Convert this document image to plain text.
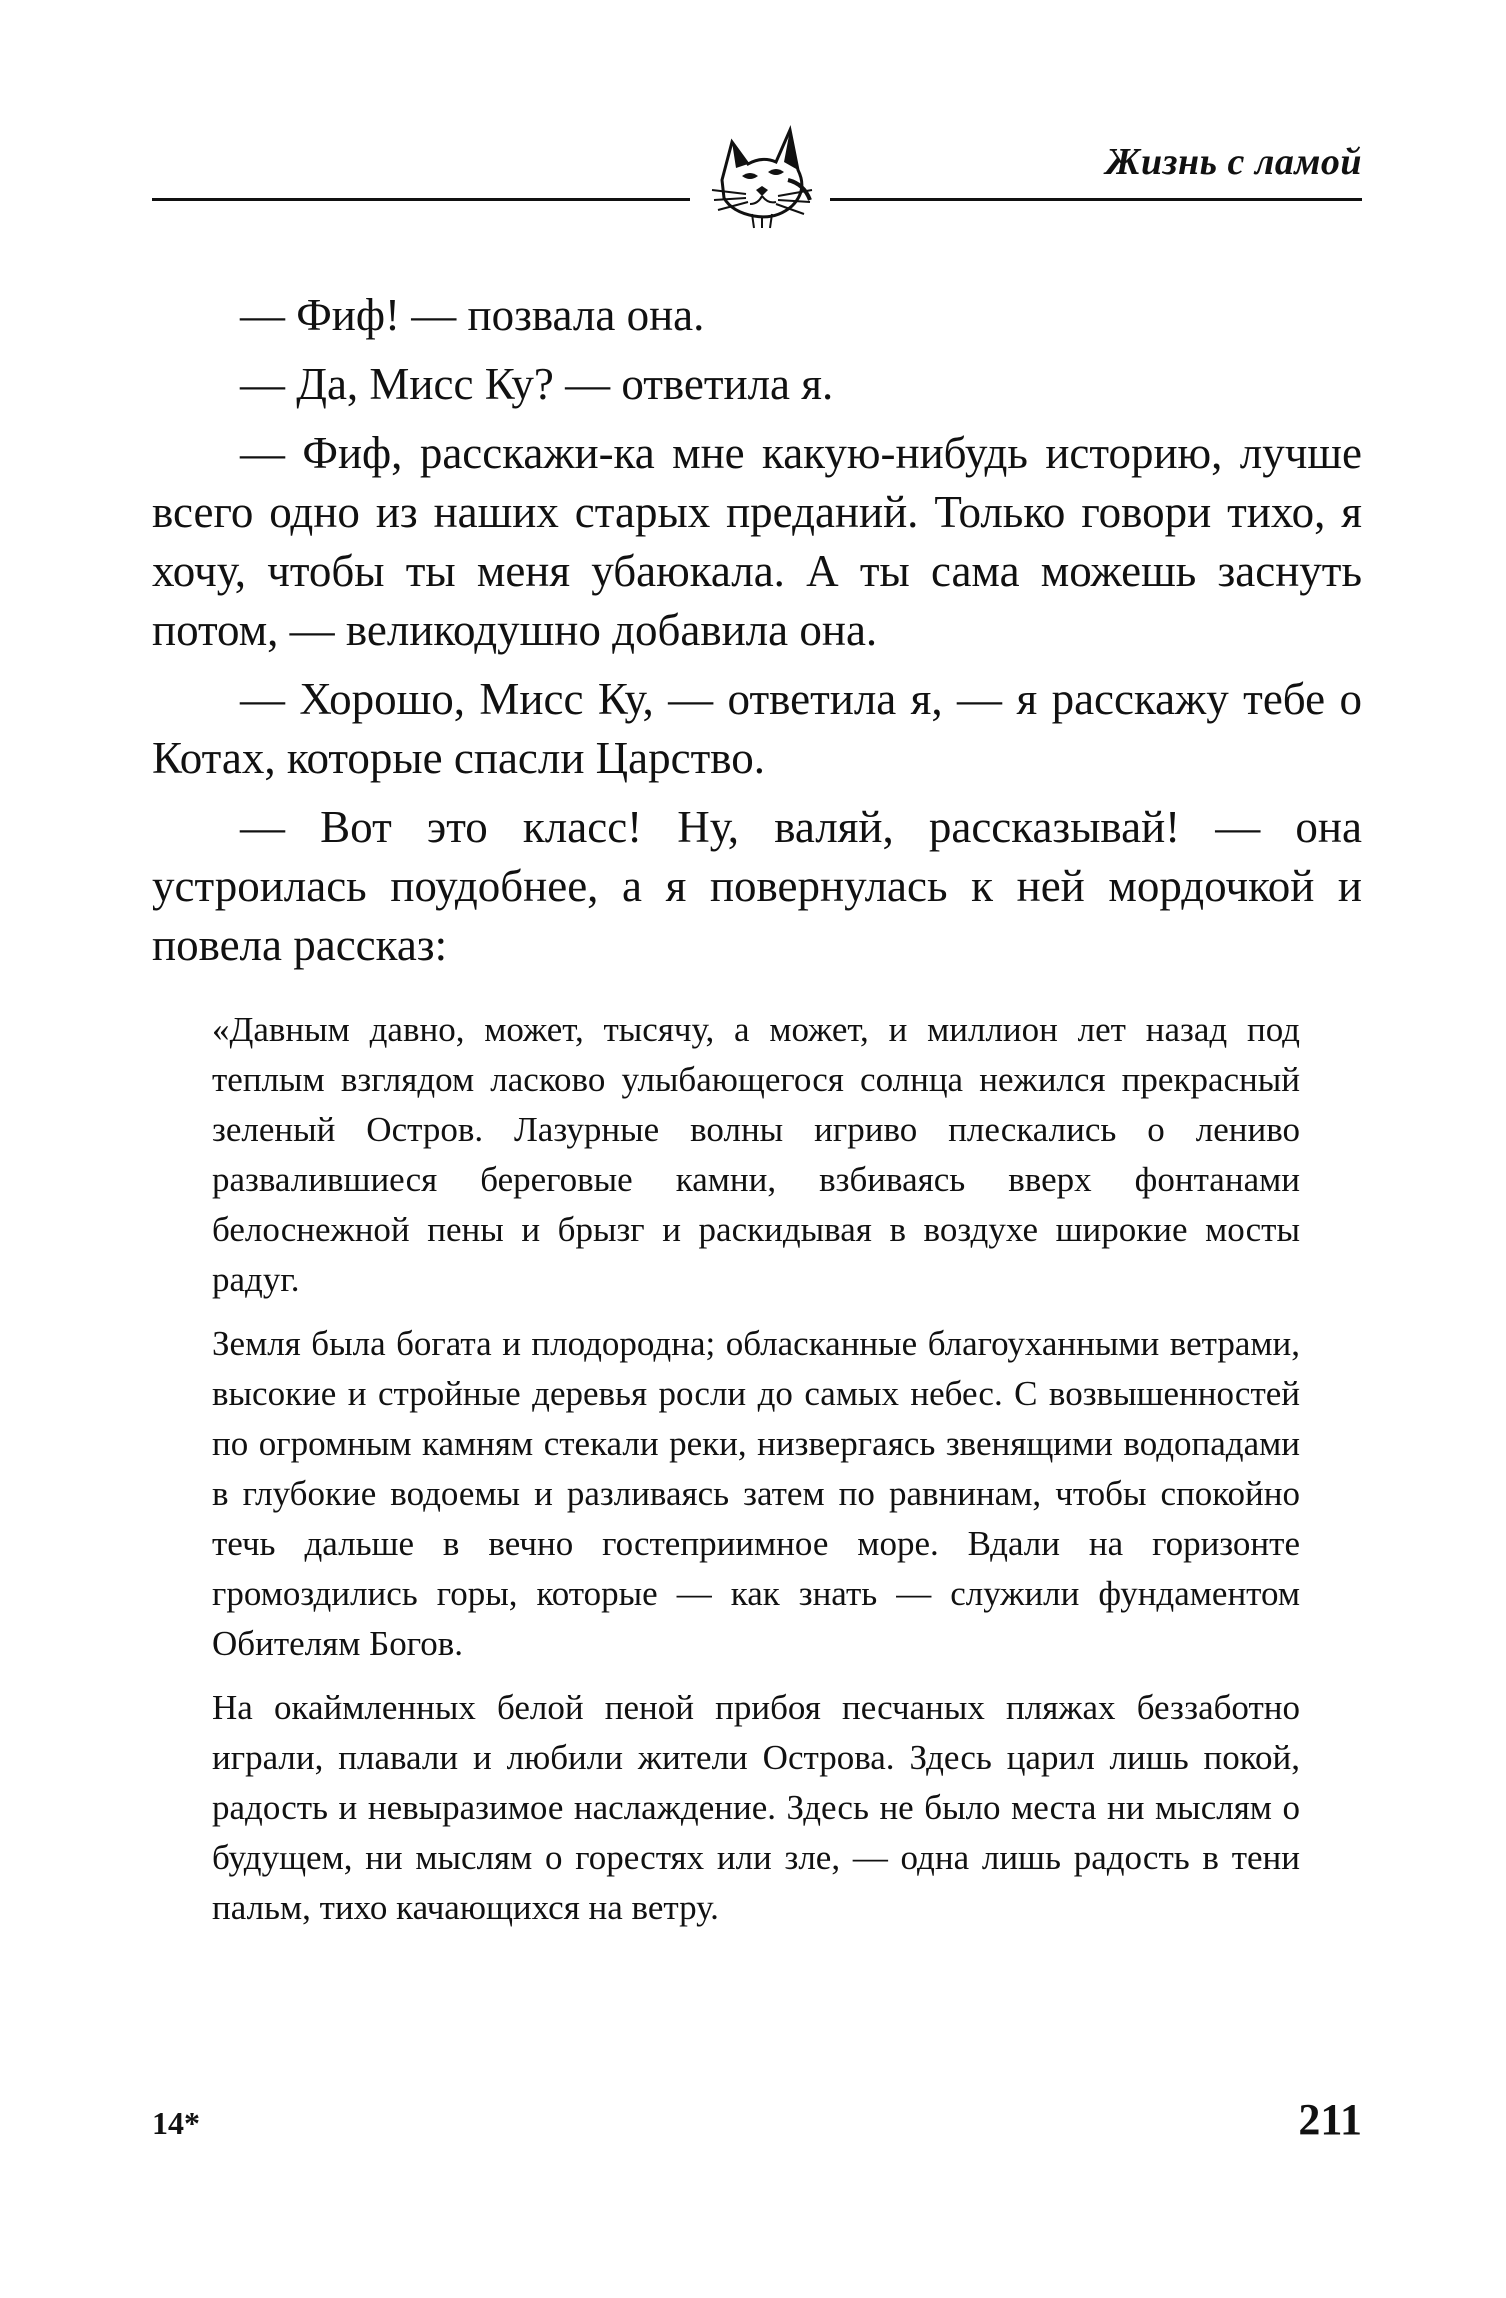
Жизнь с ламой

— Фиф! — позвала она.

— Да, Мисс Ку? — ответила я.

— Фиф, расскажи-ка мне какую-нибудь историю, лучше всего одно из наших старых преданий. Только говори тихо, я хочу, чтобы ты меня убаюкала. А ты сама можешь заснуть потом, — великодушно добавила она.

— Хорошо, Мисс Ку, — ответила я, — я расскажу тебе о Котах, которые спасли Царство.

— Вот это класс! Ну, валяй, рассказывай! — она устроилась поудобнее, а я повернулась к ней мордочкой и повела рассказ:

«Давным давно, может, тысячу, а может, и миллион лет назад под теплым взглядом ласково улыбающегося солнца нежился прекрасный зеленый Остров. Лазурные волны игриво плескались о лениво развалившиеся береговые камни, взбиваясь вверх фонтанами белоснежной пены и брызг и раскидывая в воздухе широкие мосты радуг.

Земля была богата и плодородна; обласканные благоуханными ветрами, высокие и стройные деревья росли до самых небес. С возвышенностей по огромным камням стекали реки, низвергаясь звенящими водопадами в глубокие водоемы и разливаясь затем по равнинам, чтобы спокойно течь дальше в вечно гостеприимное море. Вдали на горизонте громоздились горы, которые — как знать — служили фундаментом Обителям Богов.

На окаймленных белой пеной прибоя песчаных пляжах беззаботно играли, плавали и любили жители Острова. Здесь царил лишь покой, радость и невыразимое наслаждение. Здесь не было места ни мыслям о будущем, ни мыслям о горестях или зле, — одна лишь радость в тени пальм, тихо качающихся на ветру.

14*	211
